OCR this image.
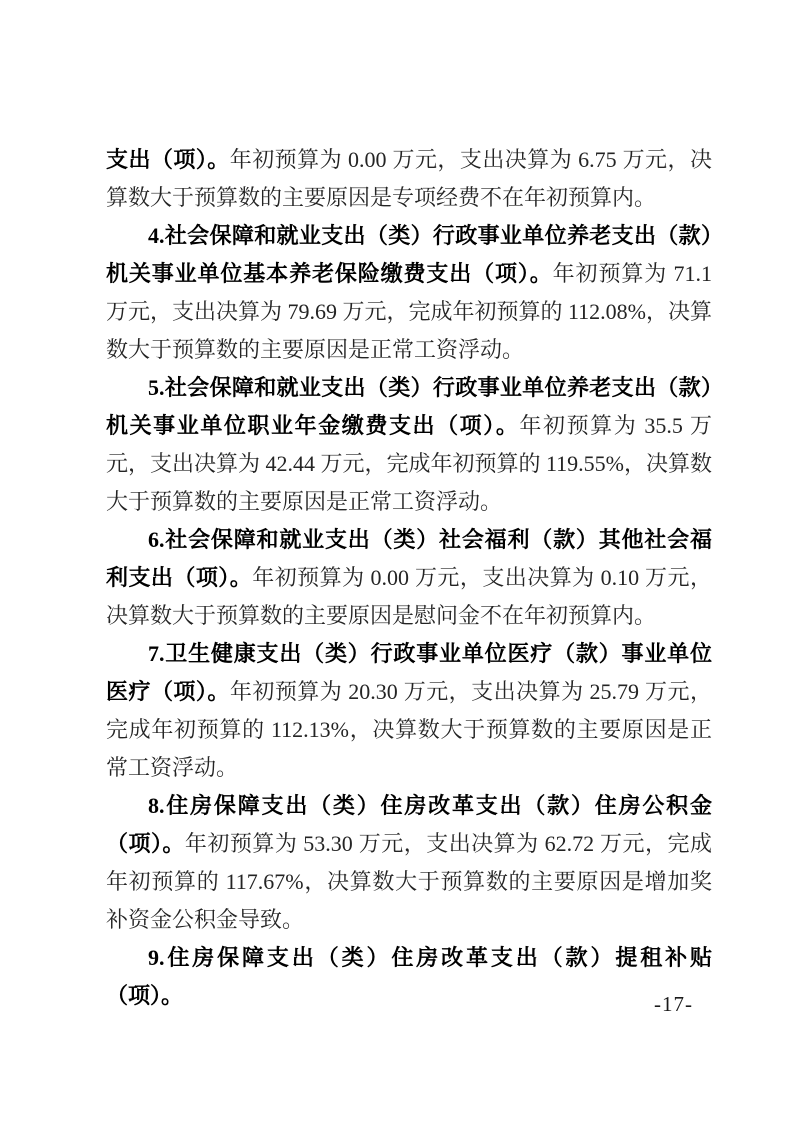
支出（项）。年初预算为 0.00 万元，支出决算为 6.75 万元，决算数大于预算数的主要原因是专项经费不在年初预算内。

4.社会保障和就业支出（类）行政事业单位养老支出（款）机关事业单位基本养老保险缴费支出（项）。年初预算为 71.1 万元，支出决算为 79.69 万元，完成年初预算的 112.08%，决算数大于预算数的主要原因是正常工资浮动。

5.社会保障和就业支出（类）行政事业单位养老支出（款）机关事业单位职业年金缴费支出（项）。年初预算为 35.5 万元，支出决算为 42.44 万元，完成年初预算的 119.55%，决算数大于预算数的主要原因是正常工资浮动。

6.社会保障和就业支出（类）社会福利（款）其他社会福利支出（项）。年初预算为 0.00 万元，支出决算为 0.10 万元，决算数大于预算数的主要原因是慰问金不在年初预算内。

7.卫生健康支出（类）行政事业单位医疗（款）事业单位医疗（项）。年初预算为 20.30 万元，支出决算为 25.79 万元，完成年初预算的 112.13%，决算数大于预算数的主要原因是正常工资浮动。

8.住房保障支出（类）住房改革支出（款）住房公积金（项）。年初预算为 53.30 万元，支出决算为 62.72 万元，完成年初预算的 117.67%，决算数大于预算数的主要原因是增加奖补资金公积金导致。

9.住房保障支出（类）住房改革支出（款）提租补贴（项）。	-17-
